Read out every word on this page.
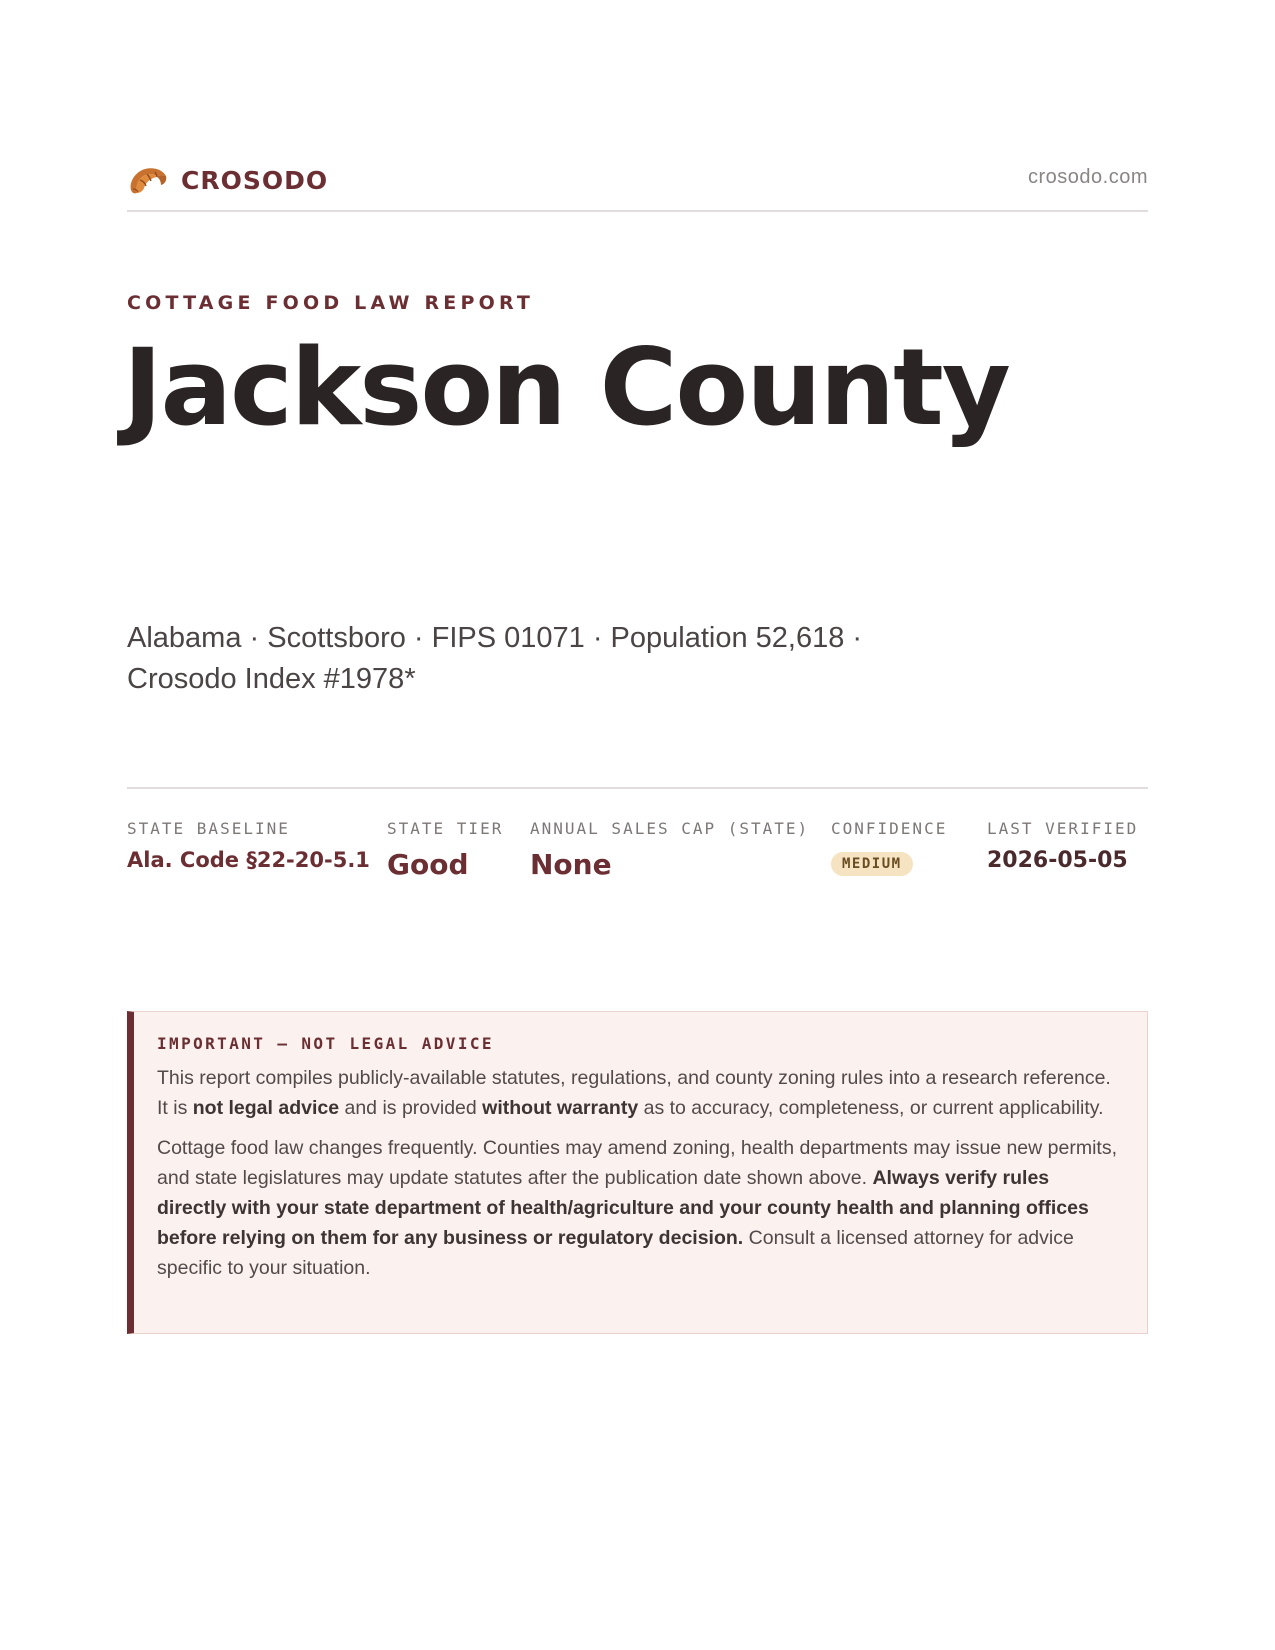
CROSODO	crosodo.com
COTTAGE FOOD LAW REPORT
Jackson County
Alabama · Scottsboro · FIPS 01071 · Population 52,618 · Crosodo Index #1978*
STATE BASELINE
Ala. Code §22-20-5.1
STATE TIER
Good
ANNUAL SALES CAP (STATE)
None
CONFIDENCE
MEDIUM
LAST VERIFIED
2026-05-05
IMPORTANT — NOT LEGAL ADVICE

This report compiles publicly-available statutes, regulations, and county zoning rules into a research reference. It is not legal advice and is provided without warranty as to accuracy, completeness, or current applicability.

Cottage food law changes frequently. Counties may amend zoning, health departments may issue new permits, and state legislatures may update statutes after the publication date shown above. Always verify rules directly with your state department of health/agriculture and your county health and planning offices before relying on them for any business or regulatory decision. Consult a licensed attorney for advice specific to your situation.
